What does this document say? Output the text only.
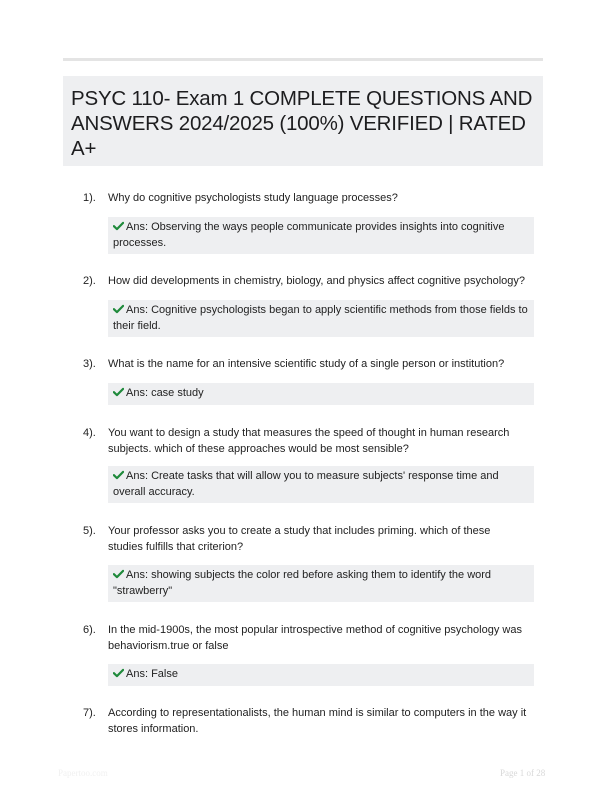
PSYC 110- Exam 1 COMPLETE QUESTIONS AND ANSWERS 2024/2025 (100%) VERIFIED | RATED A+
1). Why do cognitive psychologists study language processes?
Ans: Observing the ways people communicate provides insights into cognitive processes.
2). How did developments in chemistry, biology, and physics affect cognitive psychology?
Ans: Cognitive psychologists began to apply scientific methods from those fields to their field.
3). What is the name for an intensive scientific study of a single person or institution?
Ans: case study
4). You want to design a study that measures the speed of thought in human research subjects. which of these approaches would be most sensible?
Ans: Create tasks that will allow you to measure subjects' response time and overall accuracy.
5). Your professor asks you to create a study that includes priming. which of these studies fulfills that criterion?
Ans: showing subjects the color red before asking them to identify the word "strawberry"
6). In the mid-1900s, the most popular introspective method of cognitive psychology was behaviorism.true or false
Ans: False
7). According to representationalists, the human mind is similar to computers in the way it stores information.
Papertoo.com	Page 1 of 28
